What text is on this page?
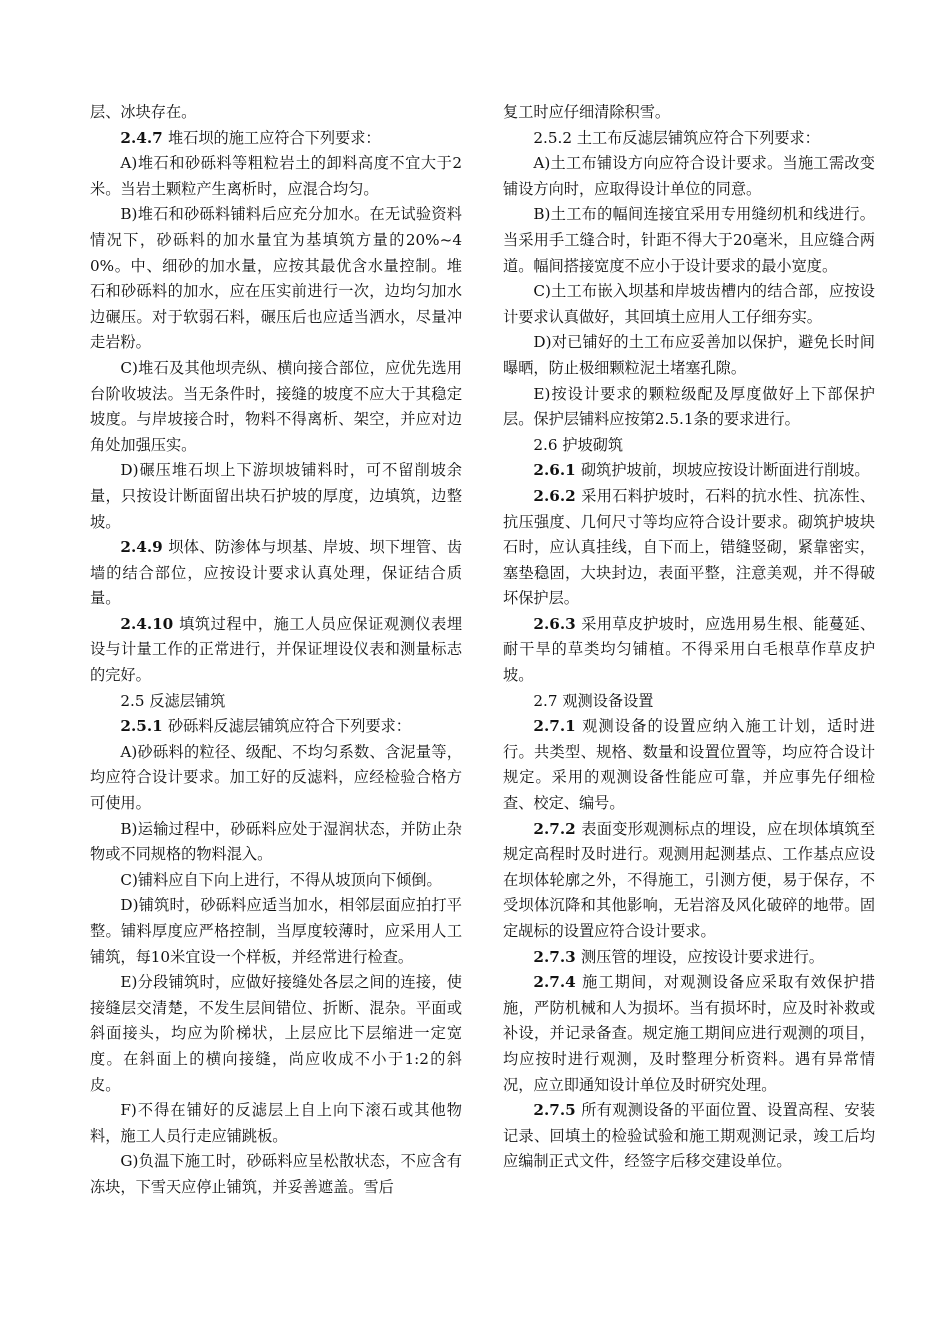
层、冰块存在。

2.4.7 堆石坝的施工应符合下列要求：

A)堆石和砂砾料等粗粒岩土的卸料高度不宜大于2米。当岩土颗粒产生离析时，应混合均匀。

B)堆石和砂砾料铺料后应充分加水。在无试验资料情况下，砂砾料的加水量宜为基填筑方量的20%~40%。中、细砂的加水量，应按其最优含水量控制。堆石和砂砾料的加水，应在压实前进行一次，边均匀加水边碾压。对于软弱石料，碾压后也应适当洒水，尽量冲走岩粉。

C)堆石及其他坝壳纵、横向接合部位，应优先选用台阶收坡法。当无条件时，接缝的坡度不应大于其稳定坡度。与岸坡接合时，物料不得离析、架空，并应对边角处加强压实。

D)碾压堆石坝上下游坝坡铺料时，可不留削坡余量，只按设计断面留出块石护坡的厚度，边填筑，边整坡。

2.4.9 坝体、防渗体与坝基、岸坡、坝下埋管、齿墙的结合部位，应按设计要求认真处理，保证结合质量。

2.4.10 填筑过程中，施工人员应保证观测仪表埋设与计量工作的正常进行，并保证埋设仪表和测量标志的完好。

2.5 反滤层铺筑

2.5.1 砂砾料反滤层铺筑应符合下列要求：

A)砂砾料的粒径、级配、不均匀系数、含泥量等，均应符合设计要求。加工好的反滤料，应经检验合格方可使用。

B)运输过程中，砂砾料应处于湿润状态，并防止杂物或不同规格的物料混入。

C)铺料应自下向上进行，不得从坡顶向下倾倒。

D)铺筑时，砂砾料应适当加水，相邻层面应拍打平整。铺料厚度应严格控制，当厚度较薄时，应采用人工铺筑，每10米宜设一个样板，并经常进行检查。

E)分段铺筑时，应做好接缝处各层之间的连接，使接缝层交清楚，不发生层间错位、折断、混杂。平面或斜面接头，均应为阶梯状，上层应比下层缩进一定宽度。在斜面上的横向接缝，尚应收成不小于1:2的斜皮。

F)不得在铺好的反滤层上自上向下滚石或其他物料，施工人员行走应铺跳板。

G)负温下施工时，砂砾料应呈松散状态，不应含有冻块，下雪天应停止铺筑，并妥善遮盖。雪后

复工时应仔细清除积雪。

2.5.2 土工布反滤层铺筑应符合下列要求：

A)土工布铺设方向应符合设计要求。当施工需改变铺设方向时，应取得设计单位的同意。

B)土工布的幅间连接宜采用专用缝纫机和线进行。当采用手工缝合时，针距不得大于20毫米，且应缝合两道。幅间搭接宽度不应小于设计要求的最小宽度。

C)土工布嵌入坝基和岸坡齿槽内的结合部，应按设计要求认真做好，其回填土应用人工仔细夯实。

D)对已铺好的土工布应妥善加以保护，避免长时间曝晒，防止极细颗粒泥土堵塞孔隙。

E)按设计要求的颗粒级配及厚度做好上下部保护层。保护层铺料应按第2.5.1条的要求进行。

2.6 护坡砌筑

2.6.1 砌筑护坡前，坝坡应按设计断面进行削坡。

2.6.2 采用石料护坡时，石料的抗水性、抗冻性、抗压强度、几何尺寸等均应符合设计要求。砌筑护坡块石时，应认真挂线，自下而上，错缝竖砌，紧靠密实，塞垫稳固，大块封边，表面平整，注意美观，并不得破坏保护层。

2.6.3 采用草皮护坡时，应选用易生根、能蔓延、耐干旱的草类均匀铺植。不得采用白毛根草作草皮护坡。

2.7 观测设备设置

2.7.1 观测设备的设置应纳入施工计划，适时进行。共类型、规格、数量和设置位置等，均应符合设计规定。采用的观测设备性能应可靠，并应事先仔细检查、校定、编号。

2.7.2 表面变形观测标点的埋设，应在坝体填筑至规定高程时及时进行。观测用起测基点、工作基点应设在坝体轮廓之外，不得施工，引测方便，易于保存，不受坝体沉降和其他影响，无岩溶及风化破碎的地带。固定觇标的设置应符合设计要求。

2.7.3 测压管的埋设，应按设计要求进行。

2.7.4 施工期间，对观测设备应采取有效保护措施，严防机械和人为损坏。当有损坏时，应及时补救或补设，并记录备查。规定施工期间应进行观测的项目，均应按时进行观测，及时整理分析资料。遇有异常情况，应立即通知设计单位及时研究处理。

2.7.5 所有观测设备的平面位置、设置高程、安装记录、回填土的检验试验和施工期观测记录，竣工后均应编制正式文件，经签字后移交建设单位。
